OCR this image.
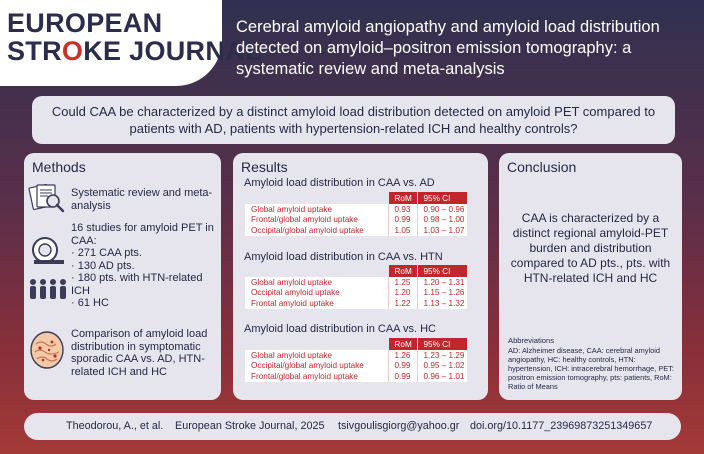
EUROPEAN
STROKE JOURNAL
Cerebral amyloid angiopathy and amyloid load distribution detected on amyloid–positron emission tomography: a systematic review and meta-analysis
Could CAA be characterized by a distinct amyloid load distribution detected on amyloid PET compared to patients with AD, patients with hypertension-related ICH and healthy controls?
Methods
Systematic review and meta-analysis
16 studies for amyloid PET in CAA:
· 271 CAA pts.
· 130 AD pts.
· 180 pts. with HTN-related ICH
· 61 HC
Comparison of amyloid load distribution in symptomatic sporadic CAA vs. AD, HTN-related ICH and HC
Results
Amyloid load distribution in CAA vs. AD
	RoM	95% CI
Global amyloid uptake	0.93	0.90 – 0.96
Frontal/global amyloid uptake	0.99	0.98 – 1.00
Occipital/global amyloid uptake	1.05	1.03 – 1.07
Amyloid load distribution in CAA vs. HTN
	RoM	95% CI
Global amyloid uptake	1.25	1.20 – 1.31
Occipital amyloid uptake	1.20	1.15 – 1.26
Frontal amyloid uptake	1.22	1.13 – 1.32
Amyloid load distribution in CAA vs. HC
	RoM	95% CI
Global amyloid uptake	1.26	1.23 – 1.29
Occipital/global amyloid uptake	0.99	0.95 – 1.02
Frontal/global amyloid uptake	0.99	0.96 – 1.01
Conclusion
CAA is characterized by a distinct regional amyloid-PET burden and distribution compared to AD pts., pts. with HTN-related ICH and HC
Abbreviations
AD: Alzheimer disease, CAA: cerebral amyloid angiopathy, HC: healthy controls, HTN: hypertension, ICH: intracerebral hemorrhage, PET: positron emission tomography, pts: patients, RoM: Ratio of Means
Theodorou, A., et al. European Stroke Journal, 2025 tsivgoulisgiorg@yahoo.gr doi.org/10.1177_23969873251349657
